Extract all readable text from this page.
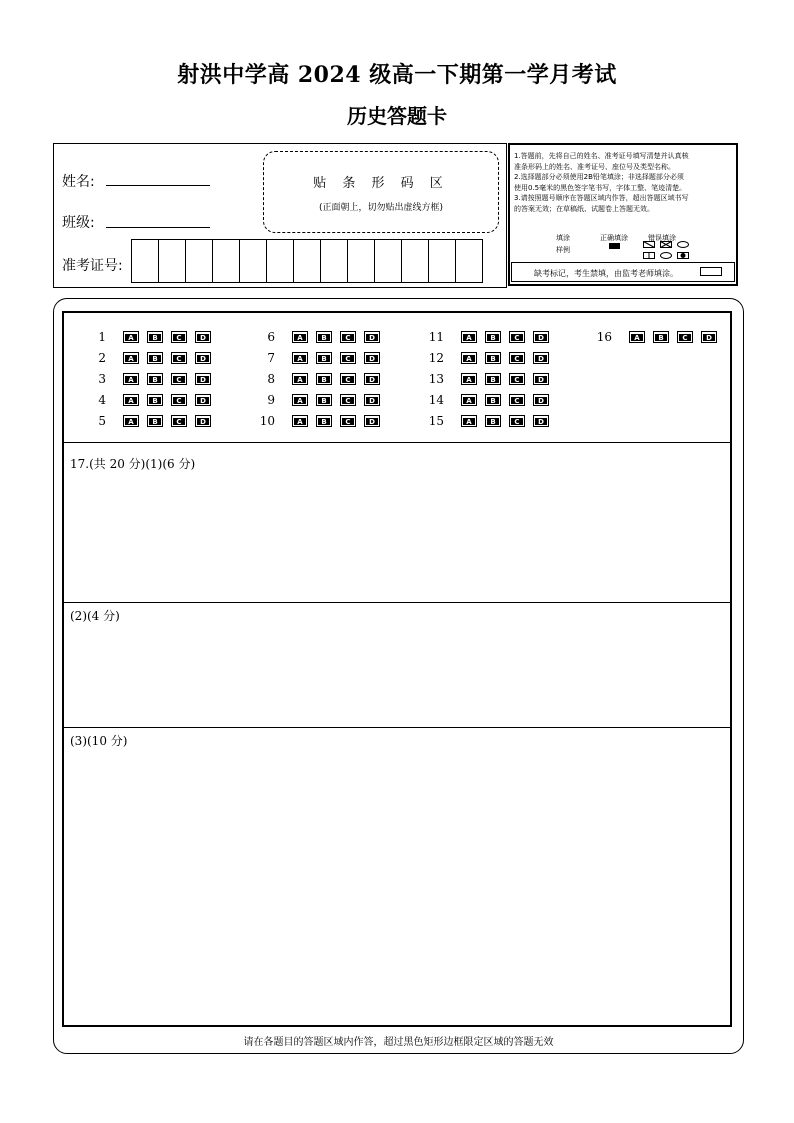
射洪中学高 2024 级高一下期第一学月考试
历史答题卡
姓名:
班级:
准考证号:
贴 条 形 码 区
(正面朝上，切勿贴出虚线方框)
1.答题前，先将自己的姓名、准考证号填写清楚并认真核
准条形码上的姓名、准考证号、座位号及类型名称。
2.选择题部分必须使用2B铅笔填涂；非选择题部分必须
使用0.5毫米的黑色签字笔书写，字体工整、笔迹清楚。
3.请按照题号顺序在答题区域内作答，超出答题区域书写
的答案无效；在草稿纸、试题卷上答题无效。
填涂
样例
正确填涂	错误填涂
缺考标记，考生禁填，由监考老师填涂。
1	A	B	C	D
2	A	B	C	D
3	A	B	C	D
4	A	B	C	D
5	A	B	C	D
6	A	B	C	D
7	A	B	C	D
8	A	B	C	D
9	A	B	C	D
10	A	B	C	D
11	A	B	C	D
12	A	B	C	D
13	A	B	C	D
14	A	B	C	D
15	A	B	C	D
16	A	B	C	D
17.(共 20 分)(1)(6 分)
(2)(4 分)
(3)(10 分)
请在各题目的答题区域内作答，超过黑色矩形边框限定区域的答题无效
